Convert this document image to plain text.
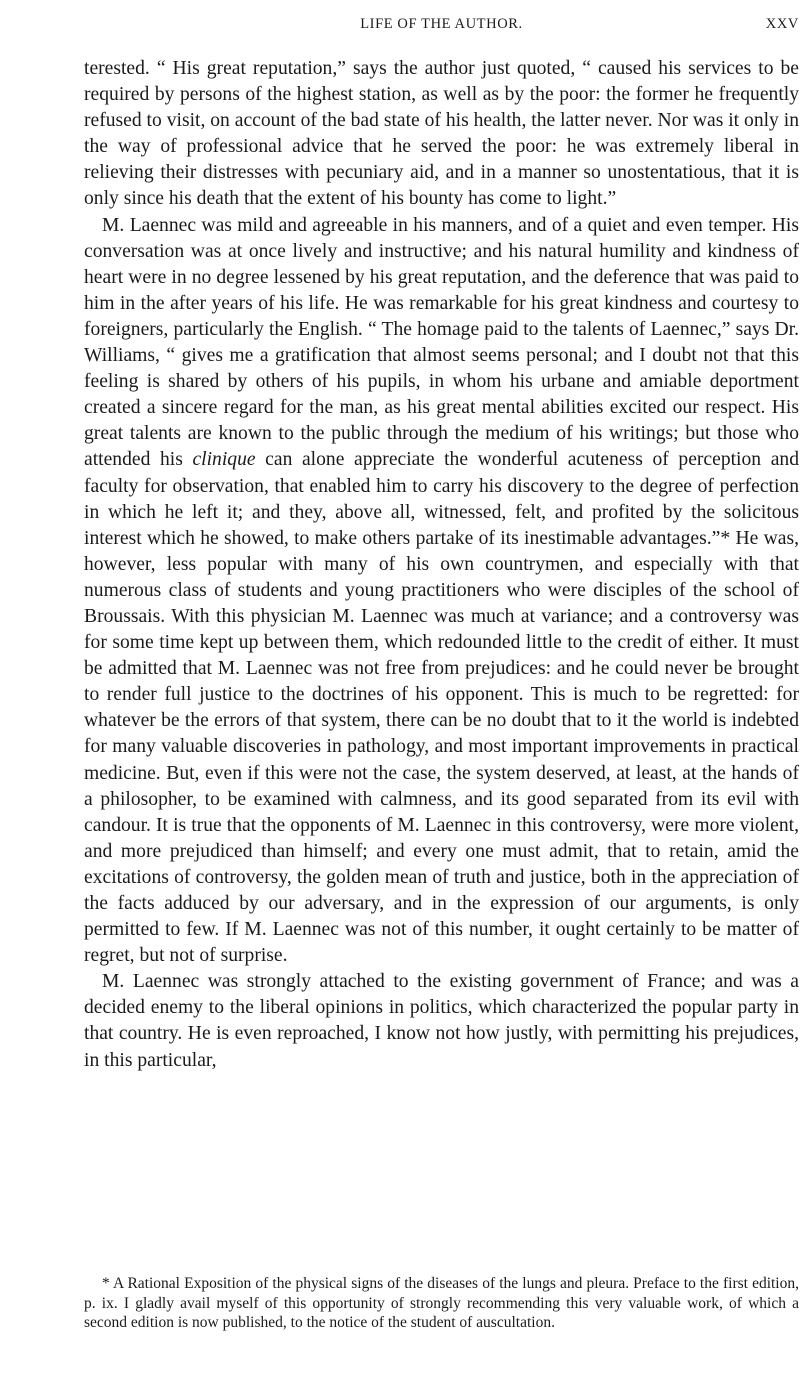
LIFE OF THE AUTHOR.	XXV

terested. “ His great reputation,” says the author just quoted, “ caused his services to be required by persons of the highest station, as well as by the poor: the former he frequently refused to visit, on account of the bad state of his health, the latter never. Nor was it only in the way of professional advice that he served the poor: he was extremely liberal in relieving their distresses with pecuniary aid, and in a manner so unostentatious, that it is only since his death that the extent of his bounty has come to light.”

M. Laennec was mild and agreeable in his manners, and of a quiet and even temper. His conversation was at once lively and instructive; and his natural humility and kindness of heart were in no degree lessened by his great reputation, and the deference that was paid to him in the after years of his life. He was remarkable for his great kindness and courtesy to foreigners, particularly the English. “ The homage paid to the talents of Laennec,” says Dr. Williams, “ gives me a gratification that almost seems personal; and I doubt not that this feeling is shared by others of his pupils, in whom his urbane and amiable deportment created a sincere regard for the man, as his great mental abilities excited our respect. His great talents are known to the public through the medium of his writings; but those who attended his clinique can alone appreciate the wonderful acuteness of perception and faculty for observation, that enabled him to carry his discovery to the degree of perfection in which he left it; and they, above all, witnessed, felt, and profited by the solicitous interest which he showed, to make others partake of its inestimable advantages.”* He was, however, less popular with many of his own countrymen, and especially with that numerous class of students and young practitioners who were disciples of the school of Broussais. With this physician M. Laennec was much at variance; and a controversy was for some time kept up between them, which redounded little to the credit of either. It must be admitted that M. Laennec was not free from prejudices: and he could never be brought to render full justice to the doctrines of his opponent. This is much to be regretted: for whatever be the errors of that system, there can be no doubt that to it the world is indebted for many valuable discoveries in pathology, and most important improvements in practical medicine. But, even if this were not the case, the system deserved, at least, at the hands of a philosopher, to be examined with calmness, and its good separated from its evil with candour. It is true that the opponents of M. Laennec in this controversy, were more violent, and more prejudiced than himself; and every one must admit, that to retain, amid the excitations of controversy, the golden mean of truth and justice, both in the appreciation of the facts adduced by our adversary, and in the expression of our arguments, is only permitted to few. If M. Laennec was not of this number, it ought certainly to be matter of regret, but not of surprise.

M. Laennec was strongly attached to the existing government of France; and was a decided enemy to the liberal opinions in politics, which characterized the popular party in that country. He is even reproached, I know not how justly, with permitting his prejudices, in this particular,

* A Rational Exposition of the physical signs of the diseases of the lungs and pleura. Preface to the first edition, p. ix. I gladly avail myself of this opportunity of strongly recommending this very valuable work, of which a second edition is now published, to the notice of the student of auscultation.
